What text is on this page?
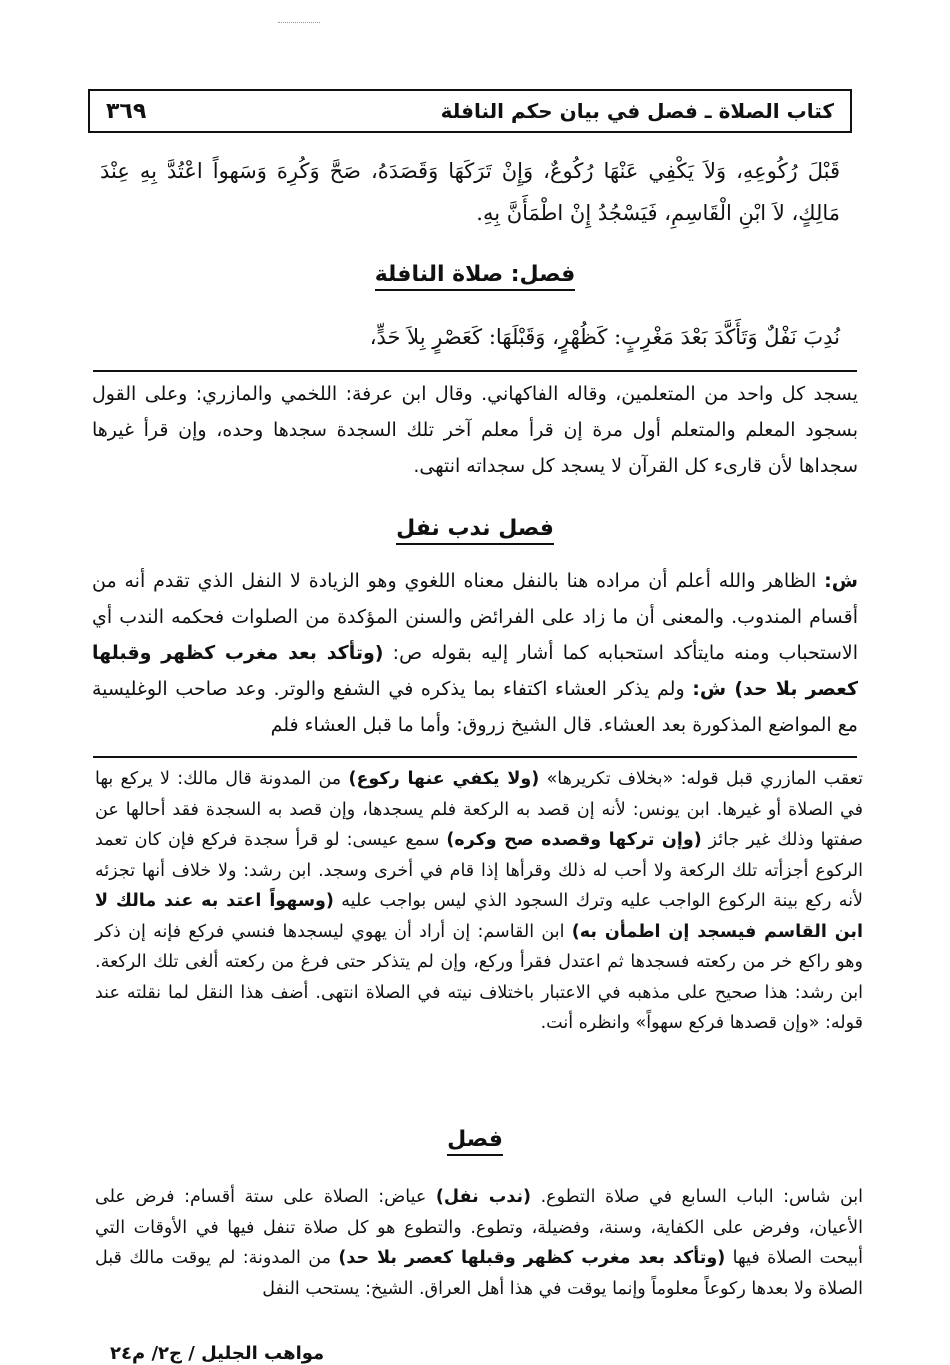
٣٦٩	كتاب الصلاة ـ فصل في بيان حكم النافلة
قَبْلَ رُكُوعِهِ، وَلاَ يَكْفِي عَنْهَا رُكُوعٌ، وَإِنْ تَرَكَهَا وَقَصَدَهُ، صَحَّ وَكُرِهَ وَسَهواً اعْتُدَّ بِهِ عِنْدَ مَالِكٍ، لاَ ابْنِ الْقَاسِمِ، فَيَسْجُدُ إِنْ اطْمَأَنَّ بِهِ.
فصل: صلاة النافلة
نُدِبَ نَفْلٌ وَتَأَكَّدَ بَعْدَ مَغْرِبٍ: كَظُهْرٍ، وَقَبْلَهَا: كَعَصْرٍ بِلاَ حَدٍّ،
يسجد كل واحد من المتعلمين، وقاله الفاكهاني. وقال ابن عرفة: اللخمي والمازري: وعلى القول بسجود المعلم والمتعلم أول مرة إن قرأ معلم آخر تلك السجدة سجدها وحده، وإن قرأ غيرها سجداها لأن قارىء كل القرآن لا يسجد كل سجداته انتهى.
فصل ندب نفل
ش: الظاهر والله أعلم أن مراده هنا بالنفل معناه اللغوي وهو الزيادة لا النفل الذي تقدم أنه من أقسام المندوب. والمعنى أن ما زاد على الفرائض والسنن المؤكدة من الصلوات فحكمه الندب أي الاستحباب ومنه مايتأكد استحبابه كما أشار إليه بقوله ص: (وتأكد بعد مغرب كظهر وقبلها كعصر بلا حد) ش: ولم يذكر العشاء اكتفاء بما يذكره في الشفع والوتر. وعد صاحب الوغليسية مع المواضع المذكورة بعد العشاء. قال الشيخ زروق: وأما ما قبل العشاء فلم
تعقب المازري قبل قوله: «بخلاف تكريرها» (ولا يكفي عنها ركوع) من المدونة قال مالك: لا يركع بها في الصلاة أو غيرها. ابن يونس: لأنه إن قصد به الركعة فلم يسجدها، وإن قصد به السجدة فقد أحالها عن صفتها وذلك غير جائز (وإن تركها وقصده صح وكره) سمع عيسى: لو قرأ سجدة فركع فإن كان تعمد الركوع أجزأته تلك الركعة ولا أحب له ذلك وقرأها إذا قام في أخرى وسجد. ابن رشد: ولا خلاف أنها تجزئه لأنه ركع بينة الركوع الواجب عليه وترك السجود الذي ليس بواجب عليه (وسهواً اعتد به عند مالك لا ابن القاسم فيسجد إن اطمأن به) ابن القاسم: إن أراد أن يهوي ليسجدها فنسي فركع فإنه إن ذكر وهو راكع خر من ركعته فسجدها ثم اعتدل فقرأ وركع، وإن لم يتذكر حتى فرغ من ركعته ألغى تلك الركعة. ابن رشد: هذا صحيح على مذهبه في الاعتبار باختلاف نيته في الصلاة انتهى. أضف هذا النقل لما نقلته عند قوله: «وإن قصدها فركع سهواً» وانظره أنت.
فصل
ابن شاس: الباب السابع في صلاة التطوع. (ندب نفل) عياض: الصلاة على ستة أقسام: فرض على الأعيان، وفرض على الكفاية، وسنة، وفضيلة، وتطوع. والتطوع هو كل صلاة تنفل فيها في الأوقات التي أبيحت الصلاة فيها (وتأكد بعد مغرب كظهر وقبلها كعصر بلا حد) من المدونة: لم يوقت مالك قبل الصلاة ولا بعدها ركوعاً معلوماً وإنما يوقت في هذا أهل العراق. الشيخ: يستحب النفل
مواهب الجليل / ج٢/ م٢٤
